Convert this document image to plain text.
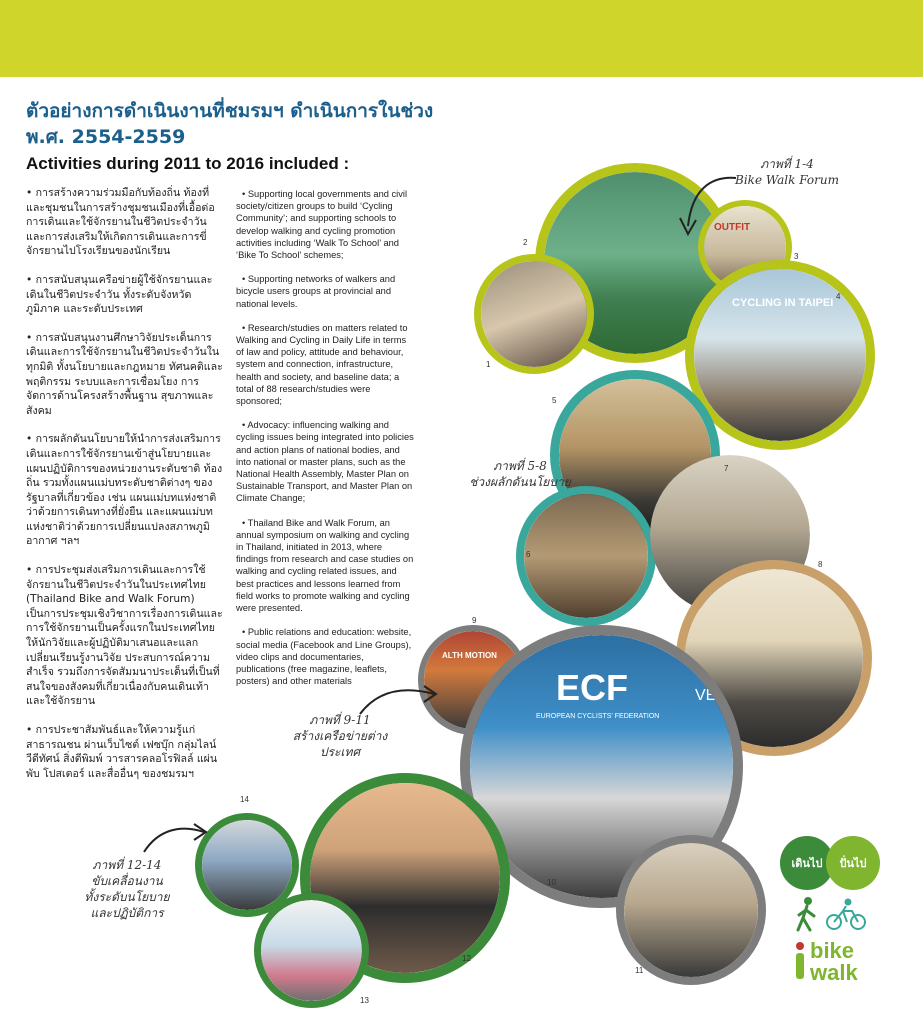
ตัวอย่างการดำเนินงานที่ชมรมฯ ดำเนินการในช่วง พ.ศ. 2554-2559
Activities during 2011 to 2016 included :

• การสร้างความร่วมมือกับท้องถิ่น ท้องที่และชุมชนในการสร้างชุมชนเมืองที่เอื้อต่อการเดินและใช้จักรยานในชีวิตประจำวัน และการส่งเสริมให้เกิดการเดินและการขี่จักรยานไปโรงเรียนของนักเรียน

• การสนับสนุนเครือข่ายผู้ใช้จักรยานและเดินในชีวิตประจำวัน ทั้งระดับจังหวัด ภูมิภาค และระดับประเทศ

• การสนับสนุนงานศึกษาวิจัยประเด็นการเดินและการใช้จักรยานในชีวิตประจำวันในทุกมิติ ทั้งนโยบายและกฎหมาย ทัศนคติและพฤติกรรม ระบบและการเชื่อมโยง การจัดการด้านโครงสร้างพื้นฐาน สุขภาพและสังคม

• การผลักดันนโยบายให้นำการส่งเสริมการเดินและการใช้จักรยานเข้าสู่นโยบายและแผนปฏิบัติการของหน่วยงานระดับชาติ ท้องถิ่น รวมทั้งแผนแม่บทระดับชาติต่างๆ ของรัฐบาลที่เกี่ยวข้อง เช่น แผนแม่บทแห่งชาติว่าด้วยการเดินทางที่ยั่งยืน และแผนแม่บทแห่งชาติว่าด้วยการเปลี่ยนแปลงสภาพภูมิอากาศ ฯลฯ

• การประชุมส่งเสริมการเดินและการใช้จักรยานในชีวิตประจำวันในประเทศไทย (Thailand Bike and Walk Forum) เป็นการประชุมเชิงวิชาการเรื่องการเดินและการใช้จักรยานเป็นครั้งแรกในประเทศไทย ให้นักวิจัยและผู้ปฏิบัติมาเสนอและแลกเปลี่ยนเรียนรู้งานวิจัย ประสบการณ์ความสำเร็จ รวมถึงการจัดสัมมนาประเด็นที่เป็นที่สนใจของสังคมที่เกี่ยวเนื่องกับคนเดินเท้าและใช้จักรยาน

• การประชาสัมพันธ์และให้ความรู้แก่สาธารณชน ผ่านเว็บไซต์ เฟซบุ๊ก กลุ่มไลน์ วีดีทัศน์ สิ่งตีพิมพ์ วารสารคลอโรฟิลล์ แผ่นพับ โปสเตอร์ และสื่ออื่นๆ ของชมรมฯ

• Supporting local governments and civil society/citizen groups to build ‘Cycling Community’; and supporting schools to develop walking and cycling promotion activities including ‘Walk To School’ and ‘Bike To School’ schemes;

• Supporting networks of walkers and bicycle users groups at provincial and national levels.

• Research/studies on matters related to Walking and Cycling in Daily Life in terms of law and policy, attitude and behaviour, system and connection, infrastructure, health and society, and baseline data; a total of 88 research/studies were sponsored;

• Advocacy: influencing walking and cycling issues being integrated into policies and action plans of national bodies, and into national or master plans, such as the National Health Assembly, Master Plan on Sustainable Transport, and Master Plan on Climate Change;

• Thailand Bike and Walk Forum, an annual symposium on walking and cycling in Thailand, initiated in 2013, where findings from research and case studies on walking and cycling related issues, and best practices and lessons learned from field works to promote walking and cycling were presented.

• Public relations and education: website, social media (Facebook and Line Groups), video clips and documentaries, publications (free magazine, leaflets, posters) and other materials

OUTFIT
CYCLING IN TAIPEI
ALTH MOTION
ECF
EUROPEAN CYCLISTS' FEDERATION
VE
1
2
3
4
5
6
7
8
9
10
11
12
13
14
ภาพที่ 1-4
Bike Walk Forum
ภาพที่ 5-8
ช่วงผลักดันนโยบาย
ภาพที่ 9-11
สร้างเครือข่ายต่างประเทศ
ภาพที่ 12-14
ขับเคลื่อนงาน
ทั้งระดับนโยบาย
และปฏิบัติการ
เดินไป	ปั่นไป
bike
walk
